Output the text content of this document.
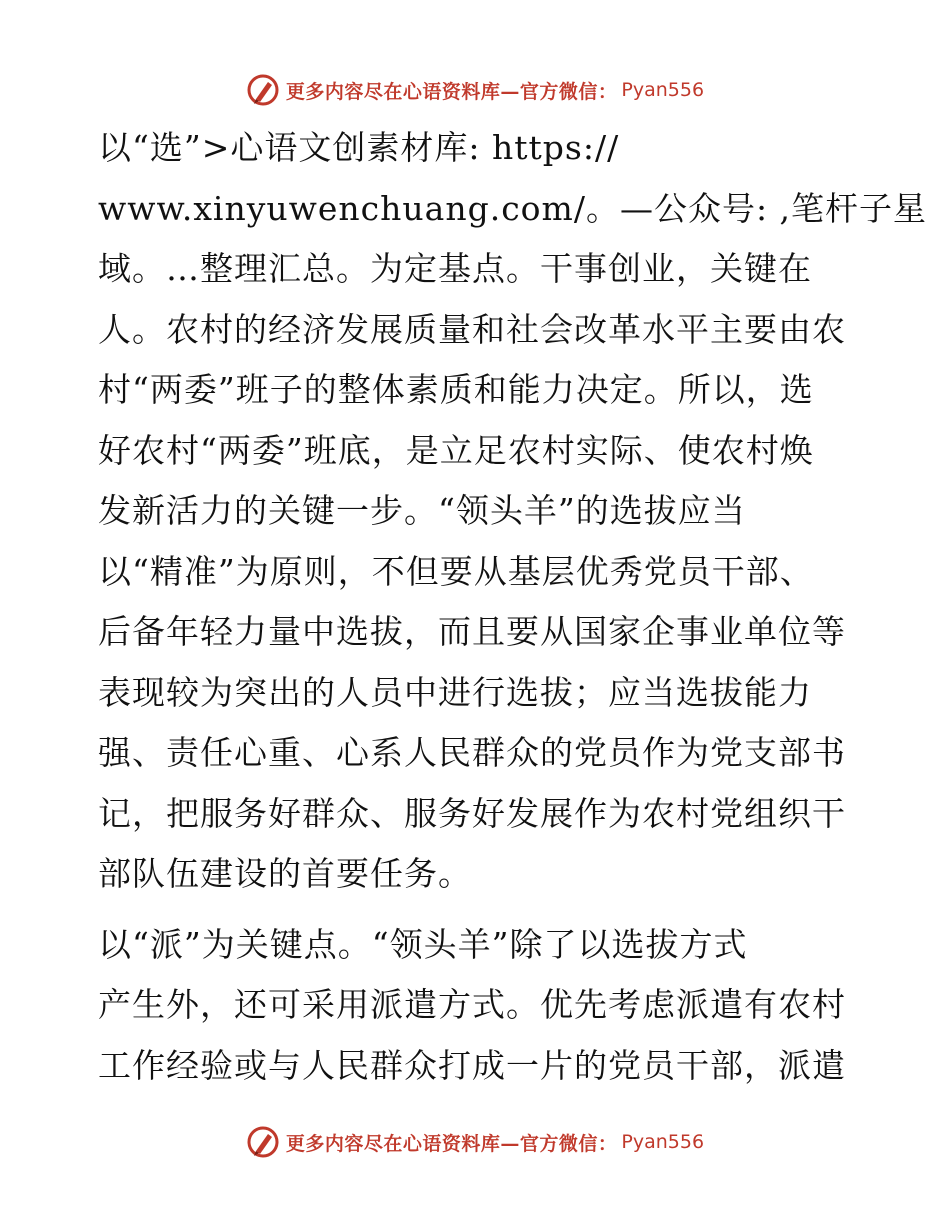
更多内容尽在心语资料库—官方微信： Pyan556

以“选”>心语文创素材库: https://
www.xinyuwenchuang.com/。—公众号: ,笔杆子星
域。…整理汇总。为定基点。干事创业，关键在
人。农村的经济发展质量和社会改革水平主要由农
村“两委”班子的整体素质和能力决定。所以，选
好农村“两委”班底，是立足农村实际、使农村焕
发新活力的关键一步。“领头羊”的选拔应当
以“精准”为原则，不但要从基层优秀党员干部、
后备年轻力量中选拔，而且要从国家企事业单位等
表现较为突出的人员中进行选拔；应当选拔能力
强、责任心重、心系人民群众的党员作为党支部书
记，把服务好群众、服务好发展作为农村党组织干
部队伍建设的首要任务。

以“派”为关键点。“领头羊”除了以选拔方式
产生外，还可采用派遣方式。优先考虑派遣有农村
工作经验或与人民群众打成一片的党员干部，派遣

更多内容尽在心语资料库—官方微信： Pyan556
